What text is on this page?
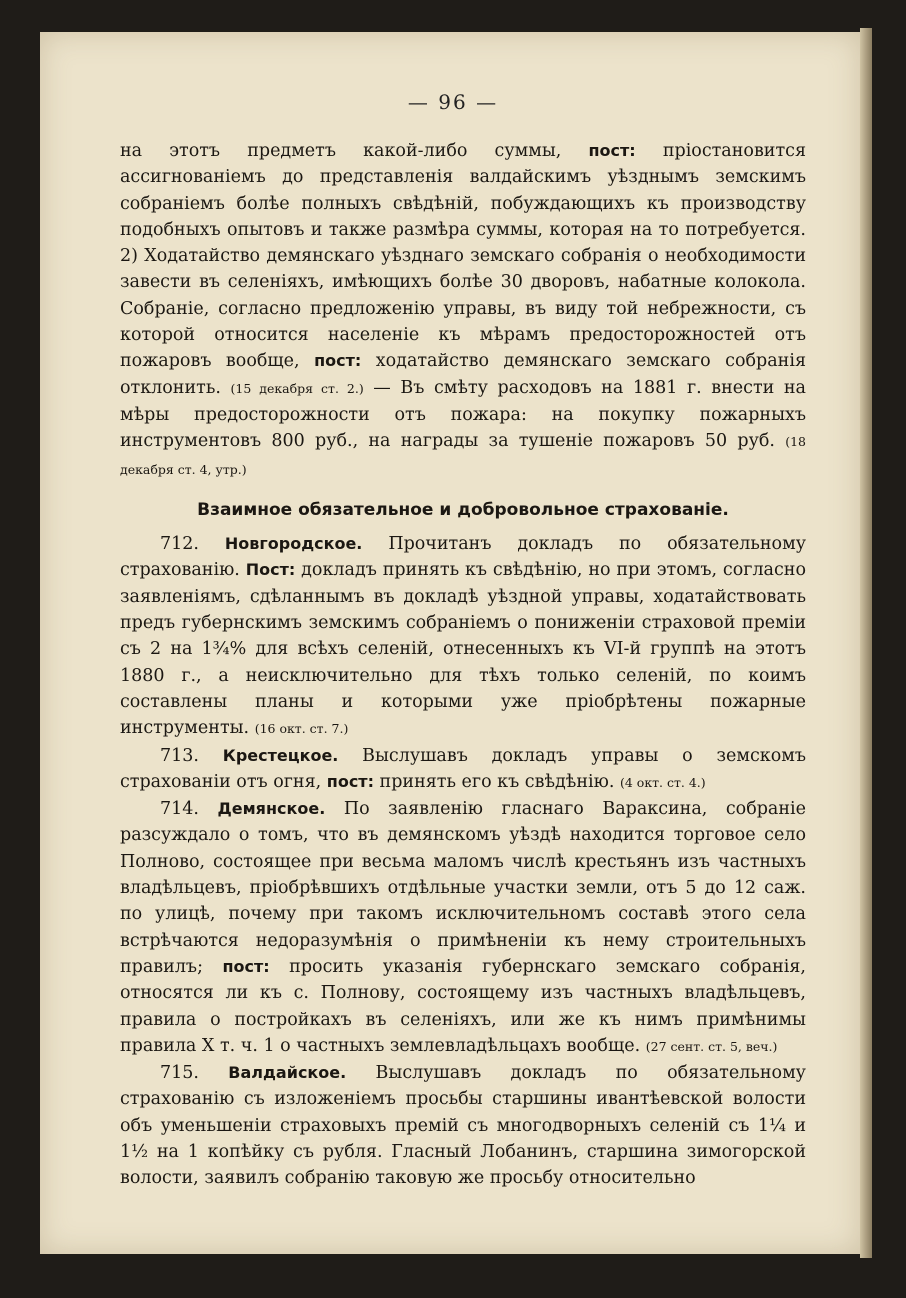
— 96 —

на этотъ предметъ какой-либо суммы, пост: пріостановится ассигнованіемъ до представленія валдайскимъ уѣзднымъ земскимъ собраніемъ болѣе полныхъ свѣдѣній, побуждающихъ къ производству подобныхъ опытовъ и также размѣра суммы, которая на то потребуется. 2) Ходатайство демянскаго уѣзднаго земскаго собранія о необходимости завести въ селеніяхъ, имѣющихъ болѣе 30 дворовъ, набатные колокола. Собраніе, согласно предложенію управы, въ виду той небрежности, съ которой относится населеніе къ мѣрамъ предосторожностей отъ пожаровъ вообще, пост: ходатайство демянскаго земскаго собранія отклонить. (15 декабря ст. 2.) — Въ смѣту расходовъ на 1881 г. внести на мѣры предосторожности отъ пожара: на покупку пожарныхъ инструментовъ 800 руб., на награды за тушеніе пожаровъ 50 руб. (18 декабря ст. 4, утр.)

Взаимное обязательное и добровольное страхованіе.

712. Новгородское. Прочитанъ докладъ по обязательному страхованію. Пост: докладъ принять къ свѣдѣнію, но при этомъ, согласно заявленіямъ, сдѣланнымъ въ докладѣ уѣздной управы, ходатайствовать предъ губернскимъ земскимъ собраніемъ о пониженіи страховой преміи съ 2 на 1¾% для всѣхъ селеній, отнесенныхъ къ VI-й группѣ на этотъ 1880 г., а неисключительно для тѣхъ только селеній, по коимъ составлены планы и которыми уже пріобрѣтены пожарные инструменты. (16 окт. ст. 7.)

713. Крестецкое. Выслушавъ докладъ управы о земскомъ страхованіи отъ огня, пост: принять его къ свѣдѣнію. (4 окт. ст. 4.)

714. Демянское. По заявленію гласнаго Вараксина, собраніе разсуждало о томъ, что въ демянскомъ уѣздѣ находится торговое село Полново, состоящее при весьма маломъ числѣ крестьянъ изъ частныхъ владѣльцевъ, пріобрѣвшихъ отдѣльные участки земли, отъ 5 до 12 саж. по улицѣ, почему при такомъ исключительномъ составѣ этого села встрѣчаются недоразумѣнія о примѣненіи къ нему строительныхъ правилъ; пост: просить указанія губернскаго земскаго собранія, относятся ли къ с. Полнову, состоящему изъ частныхъ владѣльцевъ, правила о постройкахъ въ селеніяхъ, или же къ нимъ примѣнимы правила X т. ч. 1 о частныхъ землевладѣльцахъ вообще. (27 сент. ст. 5, веч.)

715. Валдайское. Выслушавъ докладъ по обязательному страхованію съ изложеніемъ просьбы старшины ивантѣевской волости объ уменьшеніи страховыхъ премій съ многодворныхъ селеній съ 1¼ и 1½ на 1 копѣйку съ рубля. Гласный Лобанинъ, старшина зимогорской волости, заявилъ собранію таковую же просьбу относительно
